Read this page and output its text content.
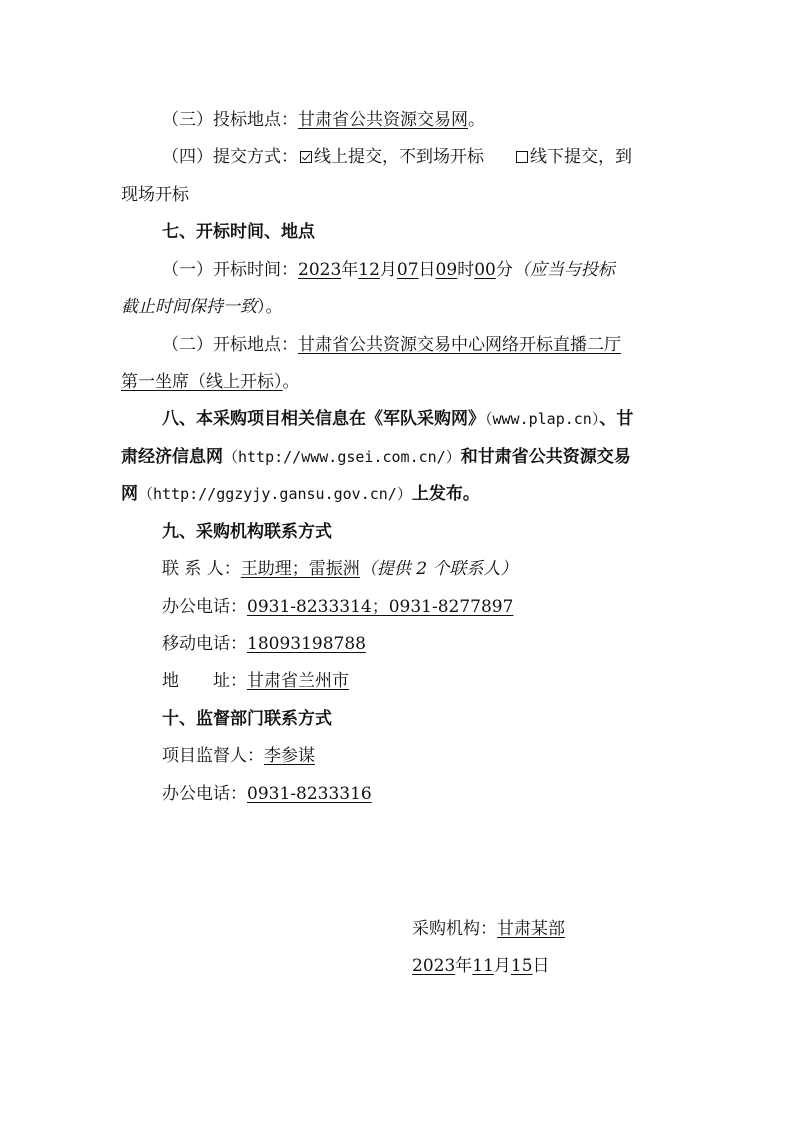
（三）投标地点：甘肃省公共资源交易网。
（四）提交方式： 线上提交，不到场开标	线下提交，到
现场开标
七、开标时间、地点
（一）开标时间：2023年12月07日09时00分（应当与投标
截止时间保持一致）。
（二）开标地点：甘肃省公共资源交易中心网络开标直播二厅
第一坐席（线上开标）。
八、本采购项目相关信息在《军队采购网》（www.plap.cn）、甘
肃经济信息网（http://www.gsei.com.cn/）和甘肃省公共资源交易
网（http://ggzyjy.gansu.gov.cn/）上发布。
九、采购机构联系方式
联 系 人：王助理；雷振洲（提供 2 个联系人）
办公电话：0931-8233314；0931-8277897
移动电话：18093198788
地　　址：甘肃省兰州市
十、监督部门联系方式
项目监督人：李参谋
办公电话：0931-8233316
采购机构：甘肃某部
2023年11月15日
